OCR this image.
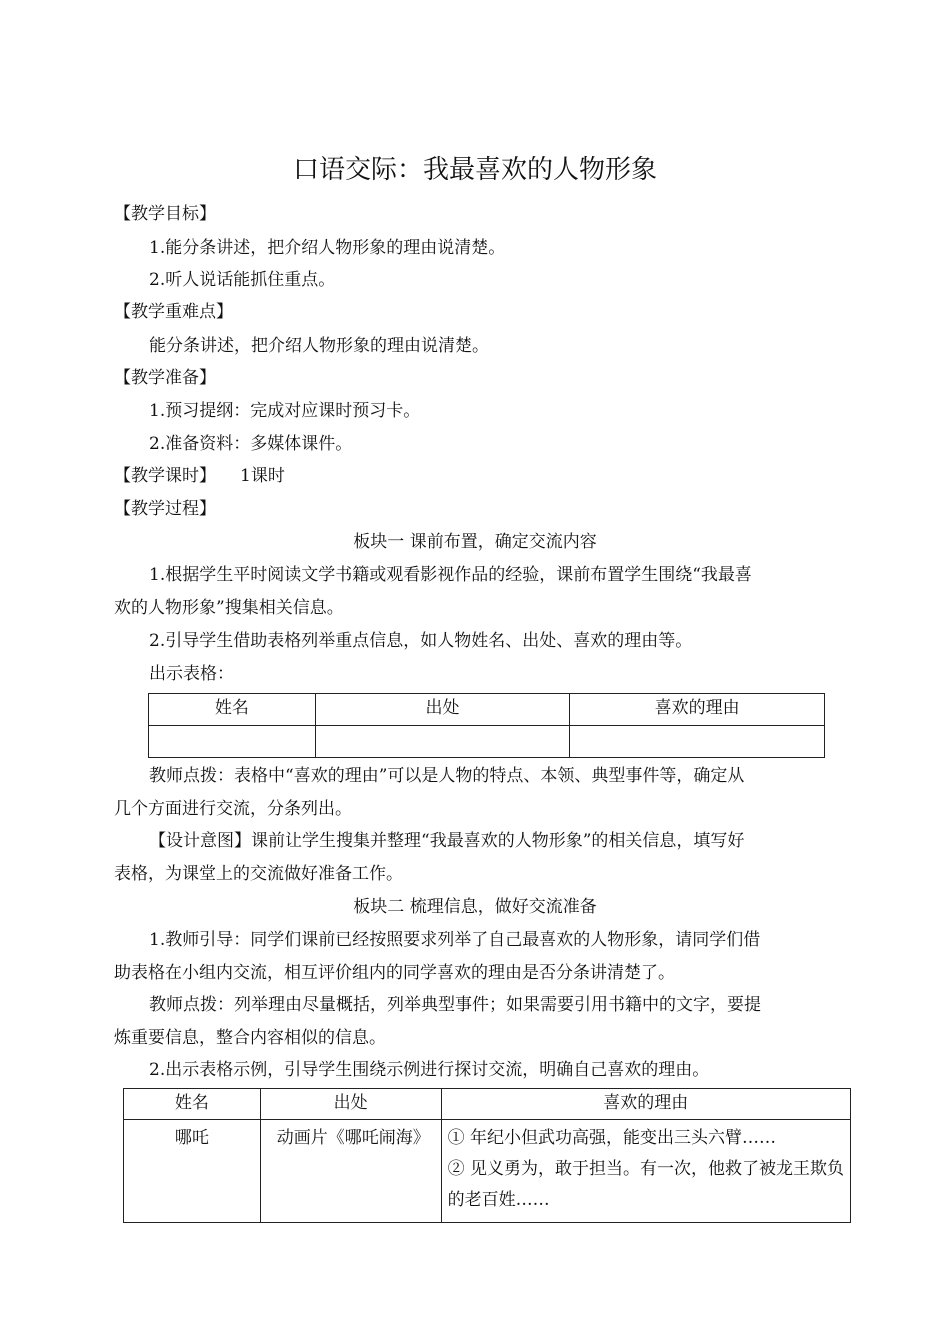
口语交际：我最喜欢的人物形象
【教学目标】
1.能分条讲述，把介绍人物形象的理由说清楚。
2.听人说话能抓住重点。
【教学重难点】
能分条讲述，把介绍人物形象的理由说清楚。
【教学准备】
1.预习提纲：完成对应课时预习卡。
2.准备资料：多媒体课件。
【教学课时】 1课时
【教学过程】
板块一 课前布置，确定交流内容
1.根据学生平时阅读文学书籍或观看影视作品的经验，课前布置学生围绕“我最喜
欢的人物形象”搜集相关信息。
2.引导学生借助表格列举重点信息，如人物姓名、出处、喜欢的理由等。
出示表格：
姓名	出处	喜欢的理由

教师点拨：表格中“喜欢的理由”可以是人物的特点、本领、典型事件等，确定从
几个方面进行交流，分条列出。
【设计意图】课前让学生搜集并整理“我最喜欢的人物形象”的相关信息，填写好
表格，为课堂上的交流做好准备工作。
板块二 梳理信息，做好交流准备
1.教师引导：同学们课前已经按照要求列举了自己最喜欢的人物形象，请同学们借
助表格在小组内交流，相互评价组内的同学喜欢的理由是否分条讲清楚了。
教师点拨：列举理由尽量概括，列举典型事件；如果需要引用书籍中的文字，要提
炼重要信息，整合内容相似的信息。
2.出示表格示例，引导学生围绕示例进行探讨交流，明确自己喜欢的理由。
姓名	出处	喜欢的理由
哪吒	动画片《哪吒闹海》	① 年纪小但武功高强，能变出三头六臂……
② 见义勇为，敢于担当。有一次，他救了被龙王欺负的老百姓……
